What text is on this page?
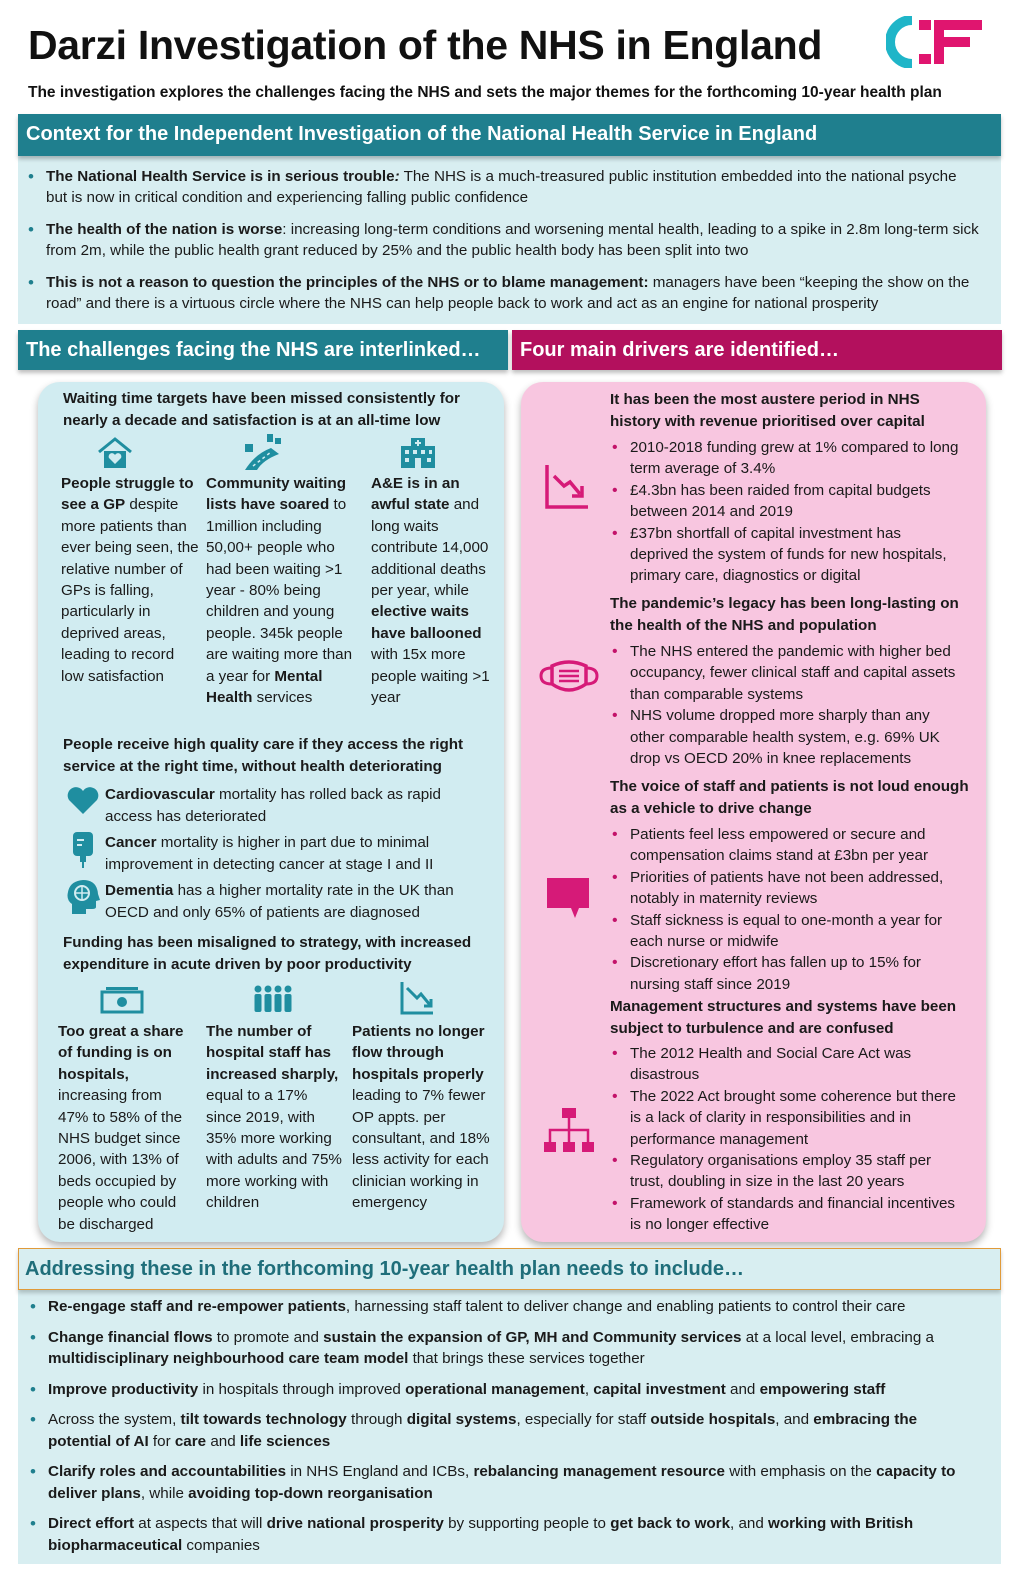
Darzi Investigation of the NHS in England
The investigation explores the challenges facing the NHS and sets the major themes for the forthcoming 10-year health plan
• The National Health Service is in serious trouble: The NHS is a much-treasured public institution embedded into the national psyche but is now in critical condition and experiencing falling public confidence
• The health of the nation is worse: increasing long-term conditions and worsening mental health, leading to a spike in 2.8m long-term sick from 2m, while the public health grant reduced by 25% and the public health body has been split into two
• This is not a reason to question the principles of the NHS or to blame management: managers have been “keeping the show on the road” and there is a virtuous circle where the NHS can help people back to work and act as an engine for national prosperity
Context for the Independent Investigation of the National Health Service in England
The challenges facing the NHS are interlinked…
Waiting time targets have been missed consistently for nearly a decade and satisfaction is at an all-time low
People struggle to see a GP despite more patients than ever being seen, the relative number of GPs is falling, particularly in deprived areas, leading to record low satisfaction
Community waiting lists have soared to 1million including 50,00+ people who had been waiting >1 year - 80% being children and young people. 345k people are waiting more than a year for Mental Health services
A&E is in an awful state and long waits contribute 14,000 additional deaths per year, while elective waits have ballooned with 15x more people waiting >1 year
People receive high quality care if they access the right service at the right time, without health deteriorating
Cardiovascular mortality has rolled back as rapid access has deteriorated
Cancer mortality is higher in part due to minimal improvement in detecting cancer at stage I and II
Dementia has a higher mortality rate in the UK than OECD and only 65% of patients are diagnosed
Funding has been misaligned to strategy, with increased expenditure in acute driven by poor productivity
Too great a share of funding is on hospitals, increasing from 47% to 58% of the NHS budget since 2006, with 13% of beds occupied by people who could be discharged
The number of hospital staff has increased sharply, equal to a 17% since 2019, with 35% more working with adults and 75% more working with children
Patients no longer flow through hospitals properly leading to 7% fewer OP appts. per consultant, and 18% less activity for each clinician working in emergency
Four main drivers are identified…
It has been the most austere period in NHS history with revenue prioritised over capital
• 2010-2018 funding grew at 1% compared to long term average of 3.4%
• £4.3bn has been raided from capital budgets between 2014 and 2019
• £37bn shortfall of capital investment has deprived the system of funds for new hospitals, primary care, diagnostics or digital
The pandemic’s legacy has been long-lasting on the health of the NHS and population
• The NHS entered the pandemic with higher bed occupancy, fewer clinical staff and capital assets than comparable systems
• NHS volume dropped more sharply than any other comparable health system, e.g. 69% UK drop vs OECD 20% in knee replacements
The voice of staff and patients is not loud enough as a vehicle to drive change
• Patients feel less empowered or secure and compensation claims stand at £3bn per year
• Priorities of patients have not been addressed, notably in maternity reviews
• Staff sickness is equal to one-month a year for each nurse or midwife
• Discretionary effort has fallen up to 15% for nursing staff since 2019
Management structures and systems have been subject to turbulence and are confused
• The 2012 Health and Social Care Act was disastrous
• The 2022 Act brought some coherence but there is a lack of clarity in responsibilities and in performance management
• Regulatory organisations employ 35 staff per trust, doubling in size in the last 20 years
• Framework of standards and financial incentives is no longer effective
• Re-engage staff and re-empower patients, harnessing staff talent to deliver change and enabling patients to control their care
• Change financial flows to promote and sustain the expansion of GP, MH and Community services at a local level, embracing a multidisciplinary neighbourhood care team model that brings these services together
• Improve productivity in hospitals through improved operational management, capital investment and empowering staff
• Across the system, tilt towards technology through digital systems, especially for staff outside hospitals, and embracing the potential of AI for care and life sciences
• Clarify roles and accountabilities in NHS England and ICBs, rebalancing management resource with emphasis on the capacity to deliver plans, while avoiding top-down reorganisation
• Direct effort at aspects that will drive national prosperity by supporting people to get back to work, and working with British biopharmaceutical companies
Addressing these in the forthcoming 10-year health plan needs to include…
